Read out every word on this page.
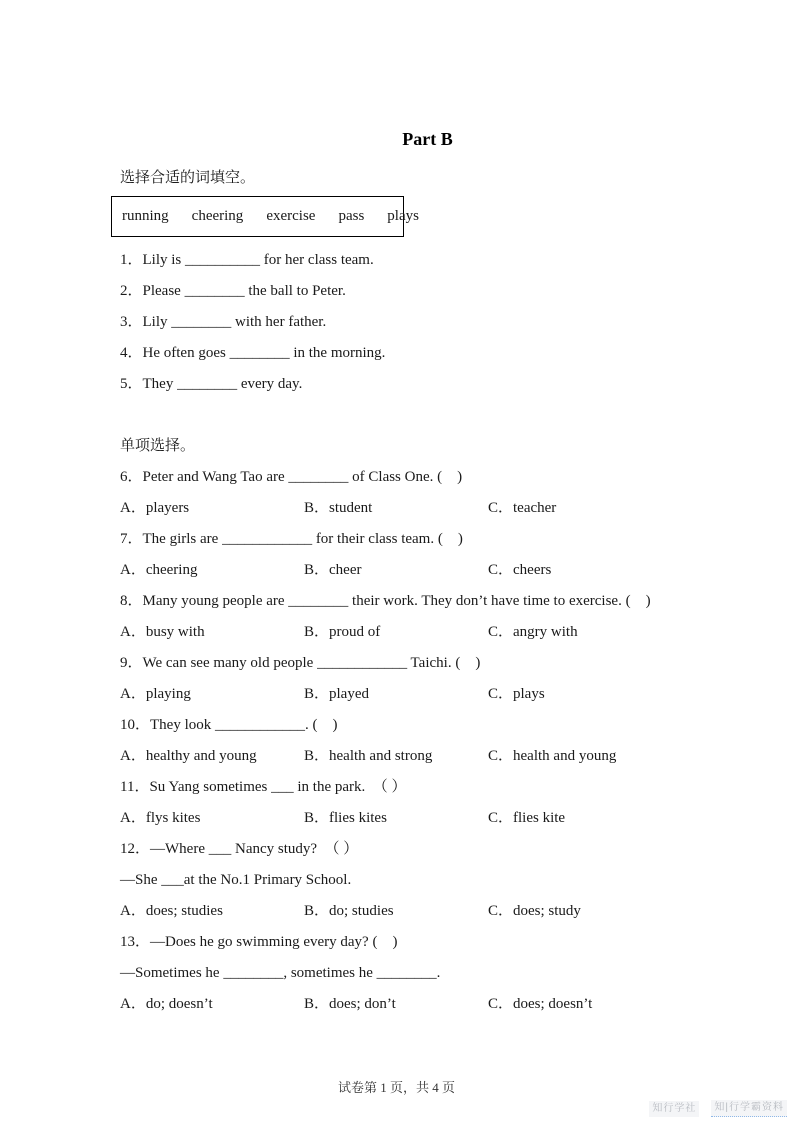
Part B

选择合适的词填空。

running cheering exercise pass plays

1．Lily is __________ for her class team.

2．Please ________ the ball to Peter.

3．Lily ________ with her father.

4．He often goes ________ in the morning.

5．They ________ every day.

单项选择。

6．Peter and Wang Tao are ________ of Class One. (    )

A．players	B．student	C．teacher

7．The girls are ____________ for their class team. (    )

A．cheering	B．cheer	C．cheers

8．Many young people are ________ their work. They don’t have time to exercise. (    )

A．busy with	B．proud of	C．angry with

9．We can see many old people ____________ Taichi. (    )

A．playing	B．played	C．plays

10．They look ____________. (    )

A．healthy and young	B．health and strong	C．health and young

11．Su Yang sometimes ___ in the park.  （ ）

A．flys kites	B．flies kites	C．flies kite

12．—Where ___ Nancy study?  （ ）

—She ___at the No.1 Primary School.

A．does; studies	B．do; studies	C．does; study

13．—Does he go swimming every day? (    )

—Sometimes he ________, sometimes he ________.

A．do; doesn’t	B．does; don’t	C．does; doesn’t
试卷第 1 页，共 4 页
知行学社	知|行学霸资料
